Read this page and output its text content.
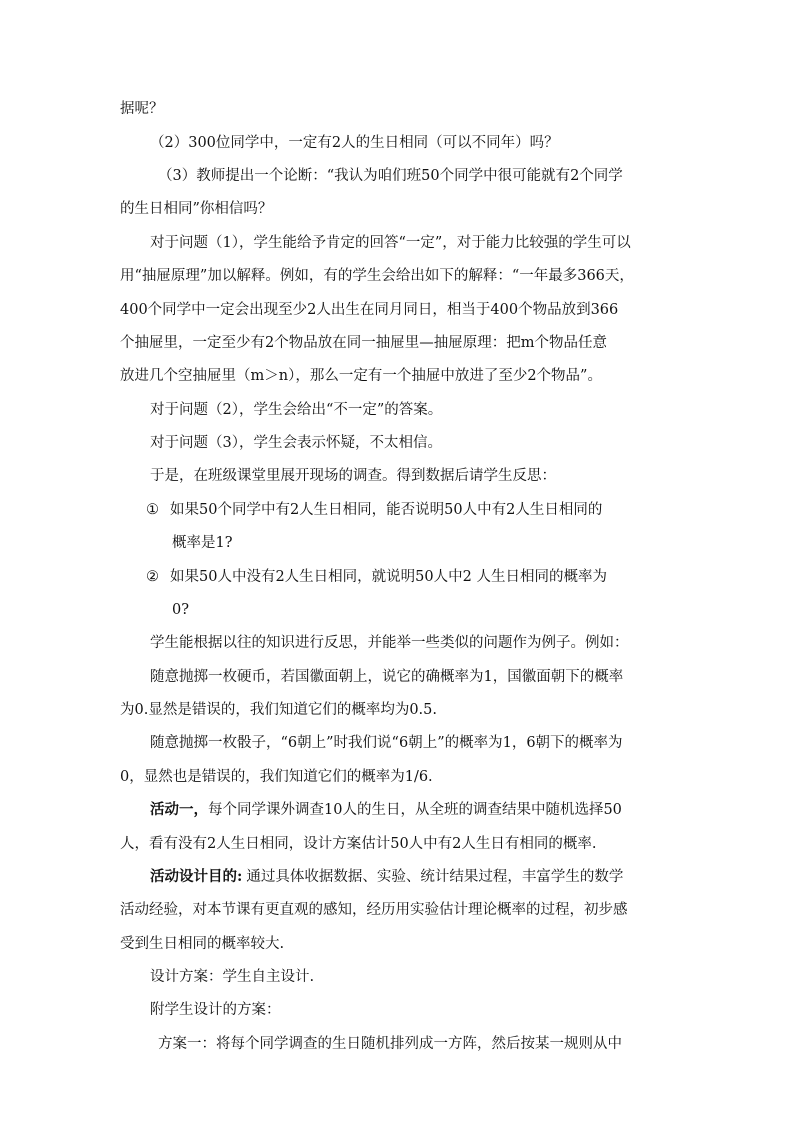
据呢？
（2）300位同学中，一定有2人的生日相同（可以不同年）吗？
（3）教师提出一个论断：“我认为咱们班50个同学中很可能就有2个同学
的生日相同”你相信吗？
对于问题（1），学生能给予肯定的回答“一定”，对于能力比较强的学生可以
用“抽屉原理”加以解释。例如，有的学生会给出如下的解释：“一年最多366天，
400个同学中一定会出现至少2人出生在同月同日，相当于400个物品放到366
个抽屉里，一定至少有2个物品放在同一抽屉里—抽屉原理：把m个物品任意
放进几个空抽屉里（m＞n），那么一定有一个抽屉中放进了至少2个物品”。
对于问题（2），学生会给出“不一定”的答案。
对于问题（3），学生会表示怀疑，不太相信。
于是，在班级课堂里展开现场的调查。得到数据后请学生反思：
① 如果50个同学中有2人生日相同，能否说明50人中有2人生日相同的
概率是1?
② 如果50人中没有2人生日相同，就说明50人中2 人生日相同的概率为
0?
学生能根据以往的知识进行反思，并能举一些类似的问题作为例子。例如：
随意抛掷一枚硬币，若国徽面朝上，说它的确概率为1，国徽面朝下的概率
为0.显然是错误的，我们知道它们的概率均为0.5.
随意抛掷一枚骰子，“6朝上”时我们说“6朝上”的概率为1，6朝下的概率为
0，显然也是错误的，我们知道它们的概率为1/6.
活动一，每个同学课外调查10人的生日，从全班的调查结果中随机选择50
人，看有没有2人生日相同，设计方案估计50人中有2人生日有相同的概率.
活动设计目的: 通过具体收据数据、实验、统计结果过程，丰富学生的数学
活动经验，对本节课有更直观的感知，经历用实验估计理论概率的过程，初步感
受到生日相同的概率较大.
设计方案：学生自主设计.
附学生设计的方案：
方案一：将每个同学调查的生日随机排列成一方阵，然后按某一规则从中
